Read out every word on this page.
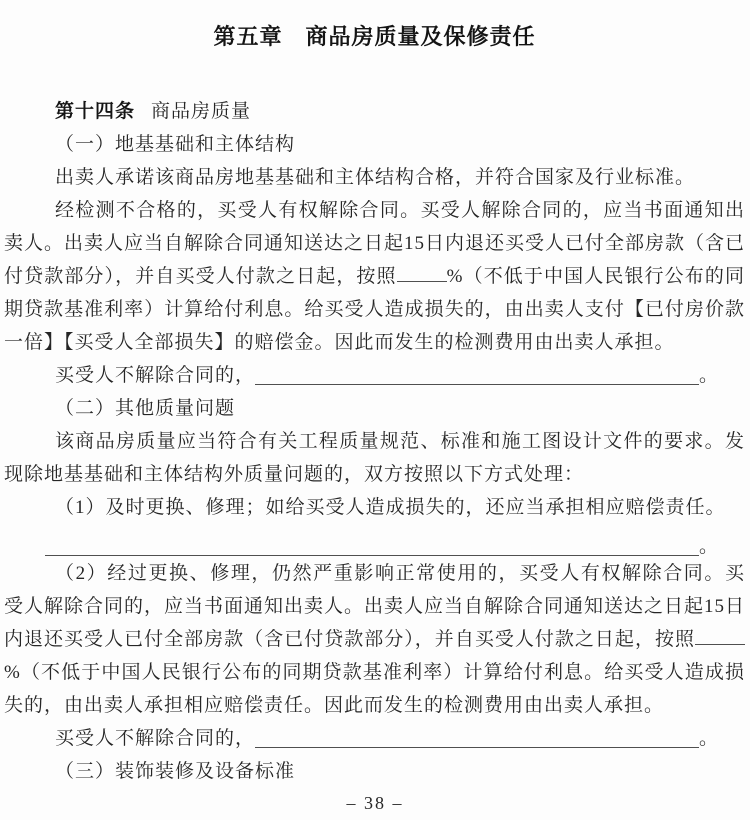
第五章　商品房质量及保修责任

第十四条 商品房质量

（一）地基基础和主体结构

出卖人承诺该商品房地基基础和主体结构合格，并符合国家及行业标准。

经检测不合格的，买受人有权解除合同。买受人解除合同的，应当书面通知出卖人。出卖人应当自解除合同通知送达之日起15日内退还买受人已付全部房款（含已付贷款部分），并自买受人付款之日起，按照	%（不低于中国人民银行公布的同期贷款基准利率）计算给付利息。给买受人造成损失的，由出卖人支付【已付房价款一倍】【买受人全部损失】的赔偿金。因此而发生的检测费用由出卖人承担。

买受人不解除合同的，	。

（二）其他质量问题

该商品房质量应当符合有关工程质量规范、标准和施工图设计文件的要求。发现除地基基础和主体结构外质量问题的，双方按照以下方式处理：

（1）及时更换、修理；如给买受人造成损失的，还应当承担相应赔偿责任。

。

（2）经过更换、修理，仍然严重影响正常使用的，买受人有权解除合同。买受人解除合同的，应当书面通知出卖人。出卖人应当自解除合同通知送达之日起15日内退还买受人已付全部房款（含已付贷款部分），并自买受人付款之日起，按照%（不低于中国人民银行公布的同期贷款基准利率）计算给付利息。给买受人造成损失的，由出卖人承担相应赔偿责任。因此而发生的检测费用由出卖人承担。

买受人不解除合同的，	。

（三）装饰装修及设备标准

– 38 –
